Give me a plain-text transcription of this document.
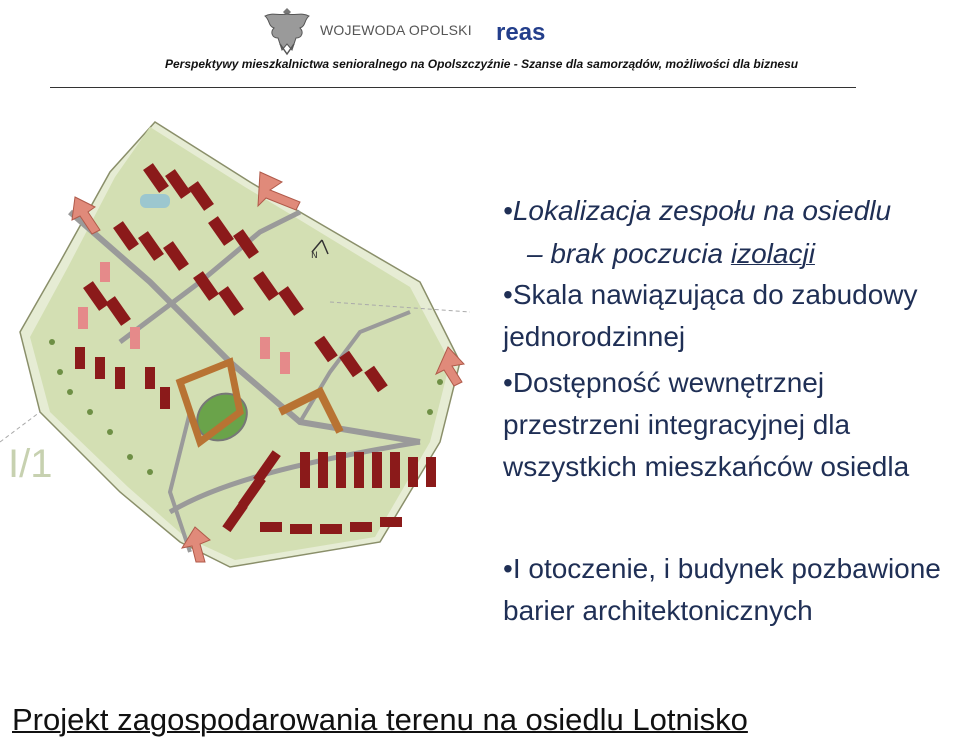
WOJEWODA OPOLSKI reas
Perspektywy mieszkalnictwa senioralnego na Opolszczyźnie - Szanse dla samorządów, możliwości dla biznesu
N
I/1
•Lokalizacja zespołu na osiedlu
– brak poczucia izolacji
•Skala nawiązująca do zabudowy jednorodzinnej
•Dostępność wewnętrznej przestrzeni integracyjnej dla wszystkich mieszkańców osiedla
•I otoczenie, i budynek pozbawione barier architektonicznych
Projekt zagospodarowania terenu na osiedlu Lotnisko
